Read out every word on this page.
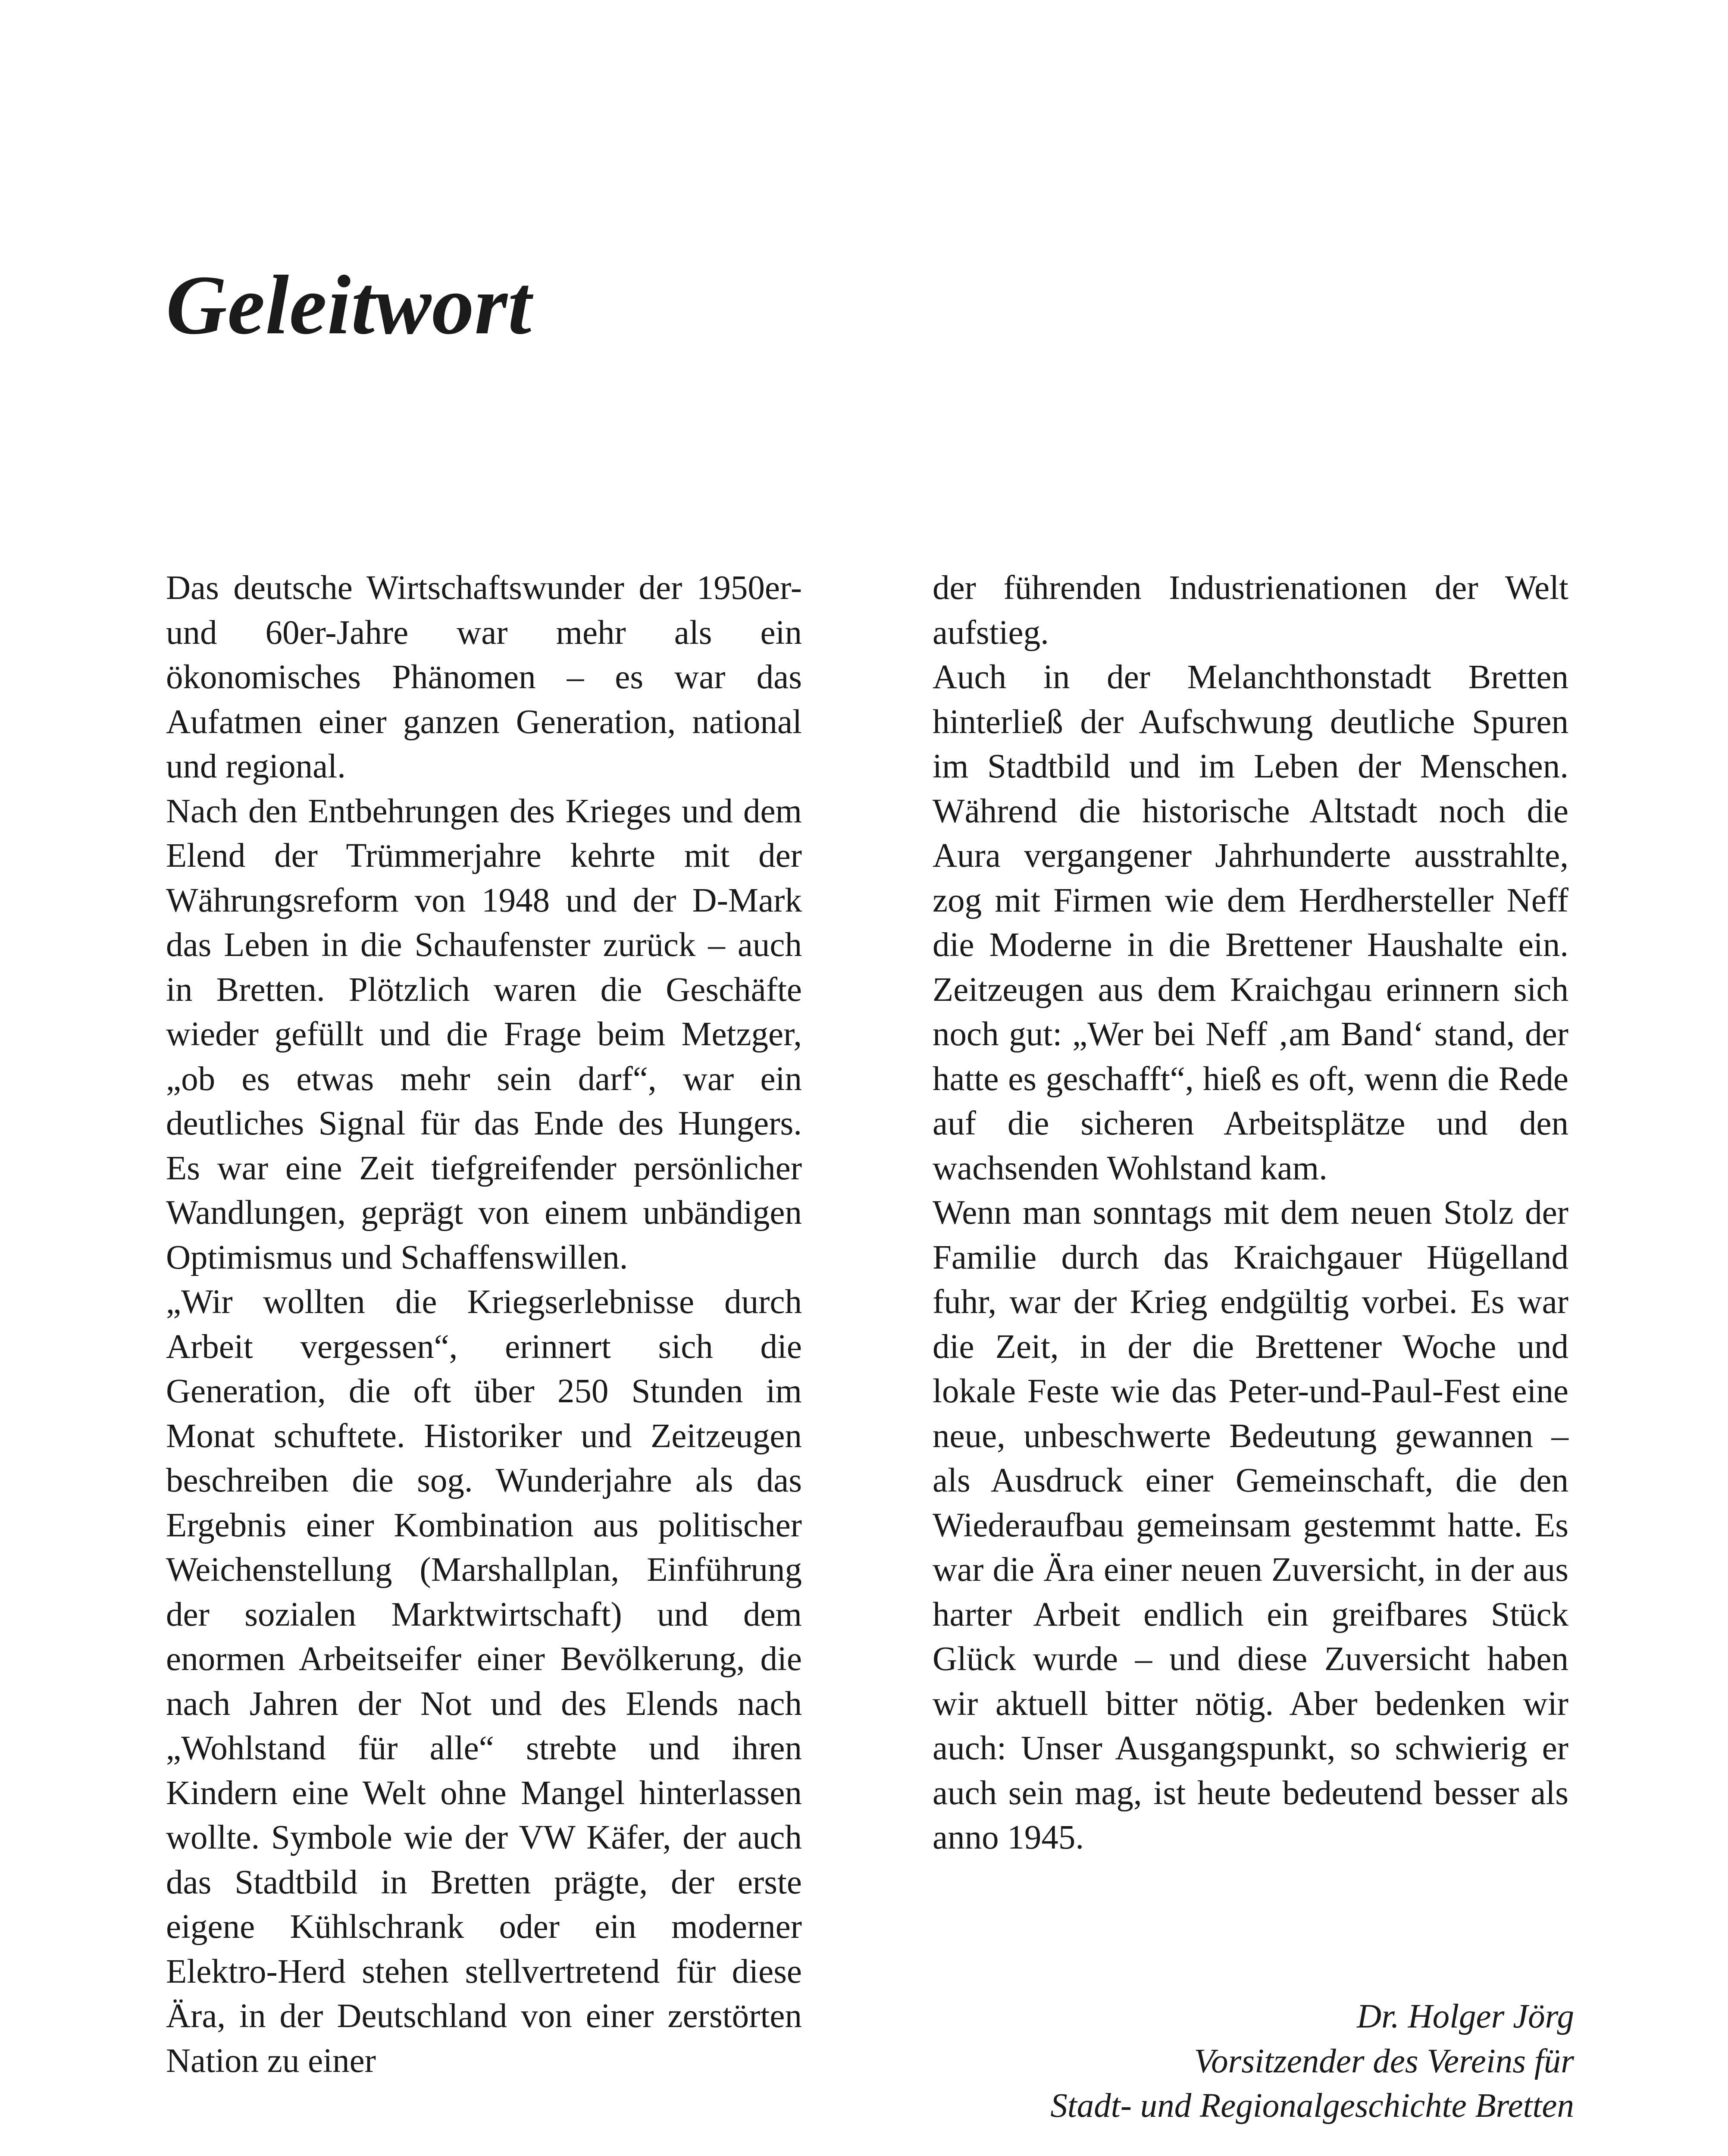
Geleitwort

Das deutsche Wirtschaftswunder der 1950er- und 60er-Jahre war mehr als ein ökonomisches Phänomen – es war das Aufatmen einer ganzen Generation, national und regional.

Nach den Entbehrungen des Krieges und dem Elend der Trümmerjahre kehrte mit der Währungsreform von 1948 und der D-Mark das Leben in die Schaufenster zurück – auch in Bretten. Plötzlich waren die Geschäfte wieder gefüllt und die Frage beim Metzger, „ob es etwas mehr sein darf“, war ein deutliches Signal für das Ende des Hungers. Es war eine Zeit tiefgreifender persönlicher Wandlungen, geprägt von einem unbändigen Optimismus und Schaffenswillen.

„Wir wollten die Kriegserlebnisse durch Arbeit vergessen“, erinnert sich die Generation, die oft über 250 Stunden im Monat schuftete. Historiker und Zeitzeugen beschreiben die sog. Wunderjahre als das Ergebnis einer Kombination aus politischer Weichenstellung (Marshallplan, Einführung der sozialen Marktwirtschaft) und dem enormen Arbeitseifer einer Bevölkerung, die nach Jahren der Not und des Elends nach „Wohlstand für alle“ strebte und ihren Kindern eine Welt ohne Mangel hinterlassen wollte. Symbole wie der VW Käfer, der auch das Stadtbild in Bretten prägte, der erste eigene Kühlschrank oder ein moderner Elektro-Herd stehen stellvertretend für diese Ära, in der Deutschland von einer zerstörten Nation zu einer

der führenden Industrienationen der Welt aufstieg.

Auch in der Melanchthonstadt Bretten hinterließ der Aufschwung deutliche Spuren im Stadtbild und im Leben der Menschen. Während die historische Altstadt noch die Aura vergangener Jahrhunderte ausstrahlte, zog mit Firmen wie dem Herdhersteller Neff die Moderne in die Brettener Haushalte ein. Zeitzeugen aus dem Kraichgau erinnern sich noch gut: „Wer bei Neff ‚am Band‘ stand, der hatte es geschafft“, hieß es oft, wenn die Rede auf die sicheren Arbeitsplätze und den wachsenden Wohlstand kam.

Wenn man sonntags mit dem neuen Stolz der Familie durch das Kraichgauer Hügelland fuhr, war der Krieg endgültig vorbei. Es war die Zeit, in der die Brettener Woche und lokale Feste wie das Peter-und-Paul-Fest eine neue, unbeschwerte Bedeutung gewannen – als Ausdruck einer Gemeinschaft, die den Wiederaufbau gemeinsam gestemmt hatte. Es war die Ära einer neuen Zuversicht, in der aus harter Arbeit endlich ein greifbares Stück Glück wurde – und diese Zuversicht haben wir aktuell bitter nötig. Aber bedenken wir auch: Unser Ausgangspunkt, so schwierig er auch sein mag, ist heute bedeutend besser als anno 1945.

Dr. Holger Jörg
Vorsitzender des Vereins für
Stadt- und Regionalgeschichte Bretten
